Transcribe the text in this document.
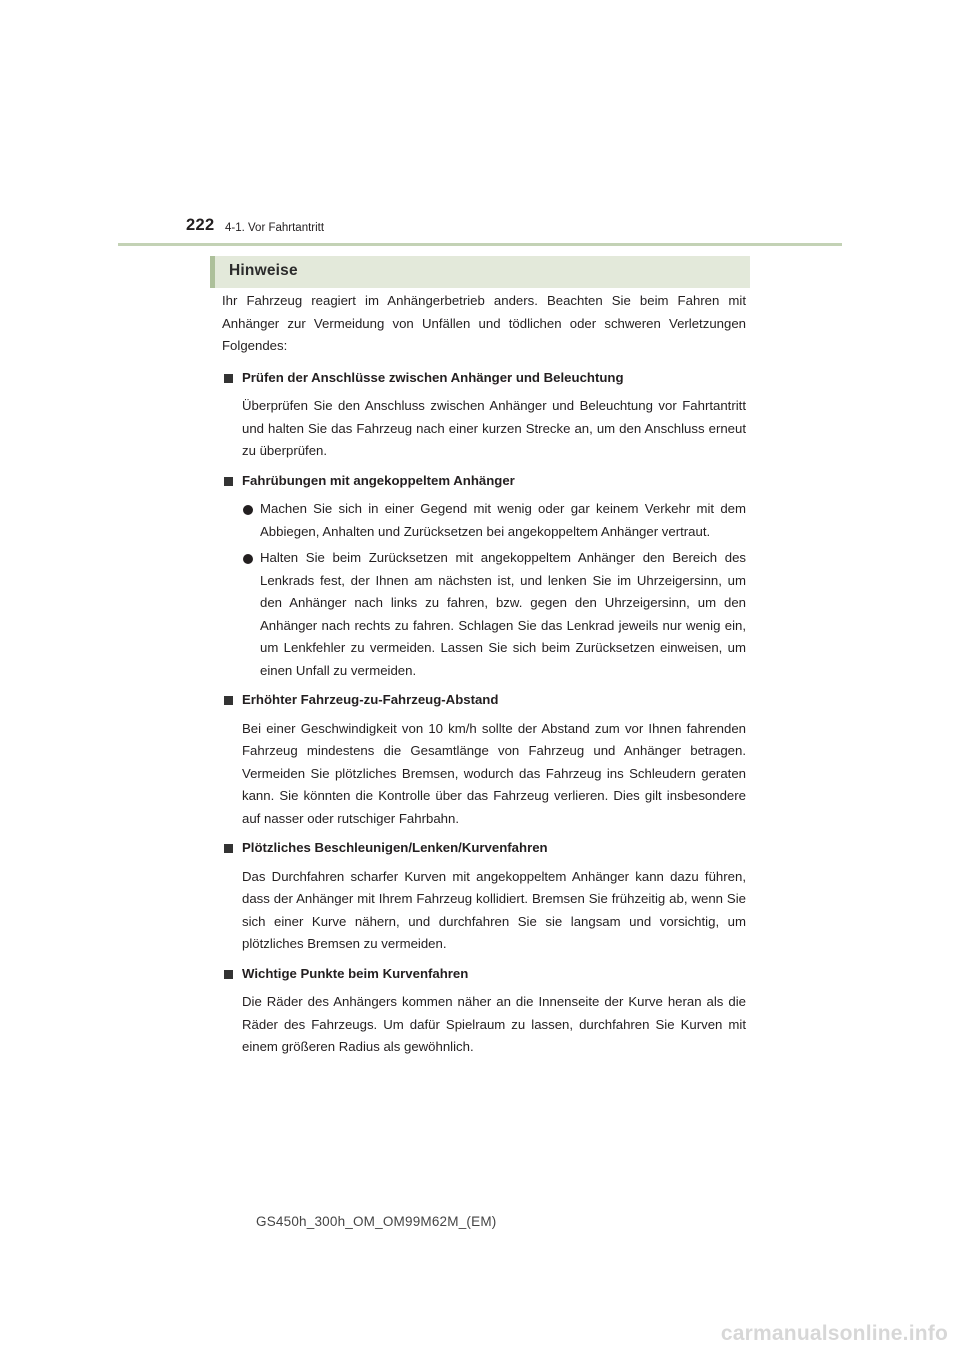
222 4-1. Vor Fahrtantritt
Hinweise

Ihr Fahrzeug reagiert im Anhängerbetrieb anders. Beachten Sie beim Fahren mit Anhänger zur Vermeidung von Unfällen und tödlichen oder schweren Verletzungen Folgendes:

Prüfen der Anschlüsse zwischen Anhänger und Beleuchtung

Überprüfen Sie den Anschluss zwischen Anhänger und Beleuchtung vor Fahrtantritt und halten Sie das Fahrzeug nach einer kurzen Strecke an, um den Anschluss erneut zu überprüfen.

Fahrübungen mit angekoppeltem Anhänger

Machen Sie sich in einer Gegend mit wenig oder gar keinem Verkehr mit dem Abbiegen, Anhalten und Zurücksetzen bei angekoppeltem Anhänger vertraut.

Halten Sie beim Zurücksetzen mit angekoppeltem Anhänger den Bereich des Lenkrads fest, der Ihnen am nächsten ist, und lenken Sie im Uhrzeigersinn, um den Anhänger nach links zu fahren, bzw. gegen den Uhrzeigersinn, um den Anhänger nach rechts zu fahren. Schlagen Sie das Lenkrad jeweils nur wenig ein, um Lenkfehler zu vermeiden. Lassen Sie sich beim Zurücksetzen einweisen, um einen Unfall zu vermeiden.

Erhöhter Fahrzeug-zu-Fahrzeug-Abstand

Bei einer Geschwindigkeit von 10 km/h sollte der Abstand zum vor Ihnen fahrenden Fahrzeug mindestens die Gesamtlänge von Fahrzeug und Anhänger betragen. Vermeiden Sie plötzliches Bremsen, wodurch das Fahrzeug ins Schleudern geraten kann. Sie könnten die Kontrolle über das Fahrzeug verlieren. Dies gilt insbesondere auf nasser oder rutschiger Fahrbahn.

Plötzliches Beschleunigen/Lenken/Kurvenfahren

Das Durchfahren scharfer Kurven mit angekoppeltem Anhänger kann dazu führen, dass der Anhänger mit Ihrem Fahrzeug kollidiert. Bremsen Sie frühzeitig ab, wenn Sie sich einer Kurve nähern, und durchfahren Sie sie langsam und vorsichtig, um plötzliches Bremsen zu vermeiden.

Wichtige Punkte beim Kurvenfahren

Die Räder des Anhängers kommen näher an die Innenseite der Kurve heran als die Räder des Fahrzeugs. Um dafür Spielraum zu lassen, durchfahren Sie Kurven mit einem größeren Radius als gewöhnlich.

GS450h_300h_OM_OM99M62M_(EM)
carmanualsonline.info
